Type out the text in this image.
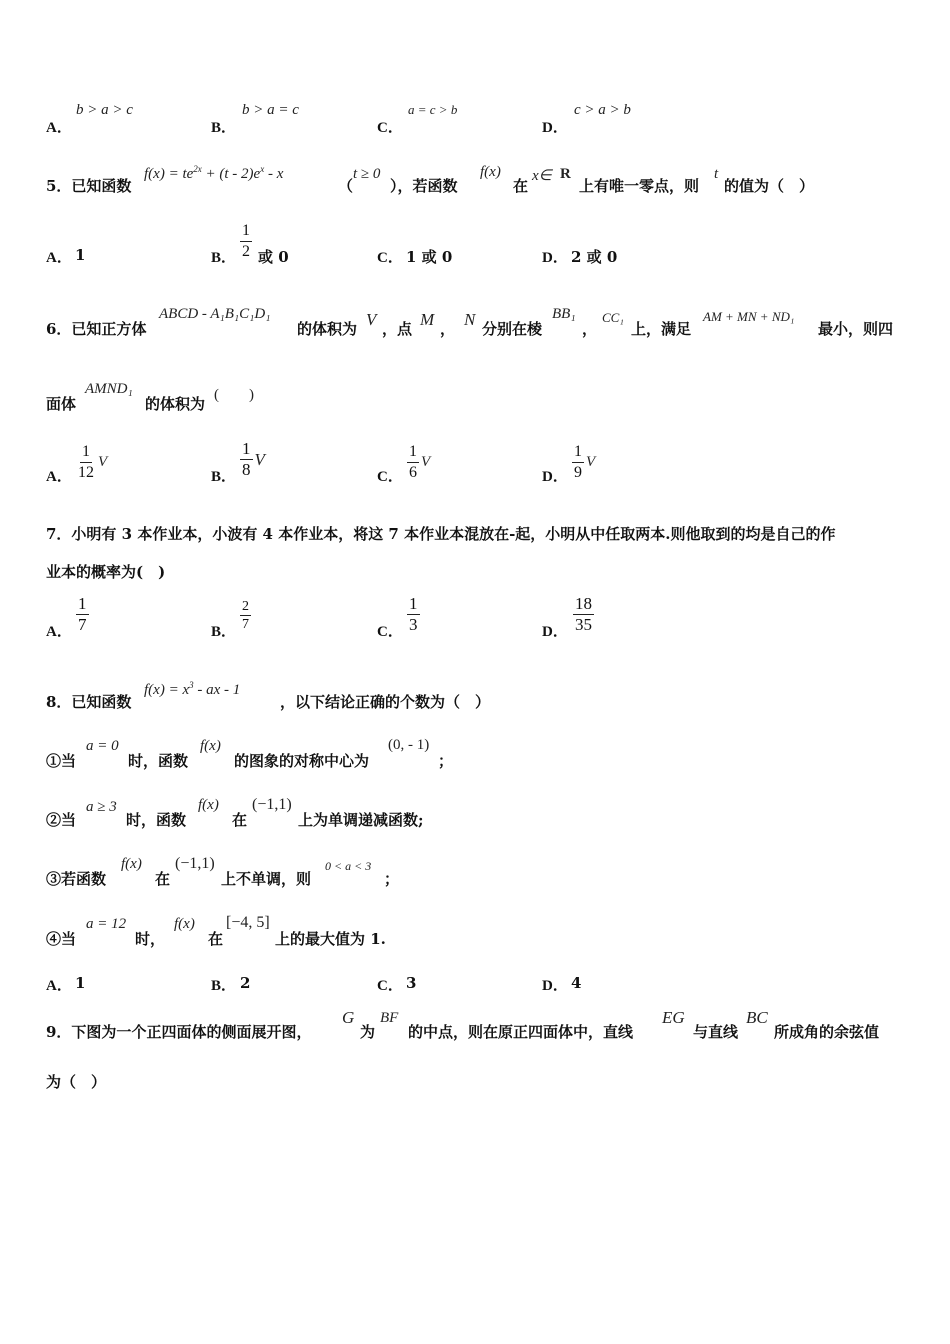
A．
b > a > c
B．
b > a = c
C．
a = c > b
D．
c > a > b
5．已知函数
$f(x) = te^{2x} + (t - 2)e^x - x$
（
t ≥ 0
），若函数
f(x)
在
x∈ R
上有唯一零点，则
t
的值为（　）
A． 1	B． $\frac{1}{2}$ 或 0	C． 1 或 0	D． 2 或 0
6．已知正方体
ABCD - A₁B₁C₁D₁
的体积为 V ，点 M ， N 分别在棱
BB₁
，
CC₁
上，满足
AM + MN + ND₁
最小，则四
面体
AMND₁
的体积为 (　　)
A． $\frac{1}{12}$ V
B． $\frac{1}{8}$ V
C． $\frac{1}{6}$ V
D． $\frac{1}{9}$ V
7．小明有 3 本作业本，小波有 4 本作业本，将这 7 本作业本混放在-起，小明从中任取两本.则他取到的均是自己的作
业本的概率为(　)
A． $\frac{1}{7}$	B． $\frac{2}{7}$	C． $\frac{1}{3}$	D． $\frac{18}{35}$
8．已知函数
$f(x) = x^3$ - ax - 1
，以下结论正确的个数为（　）
①当
a = 0
时，函数
f(x)
的图象的对称中心为
(0, - 1)
；
②当
a ≥ 3
时，函数
f(x)
在
(−1,1)
上为单调递减函数;
③若函数
f(x)
在
(−1,1)
上不单调，则
0 < a < 3
；
④当
a = 12
时，
f(x)
在
[−4, 5]
上的最大值为 1.
A． 1	B． 2	C． 3	D． 4
9．下图为一个正四面体的侧面展开图，
G
为
BF
的中点，则在原正四面体中，直线
EG
与直线
BC
所成角的余弦值
为（　）
